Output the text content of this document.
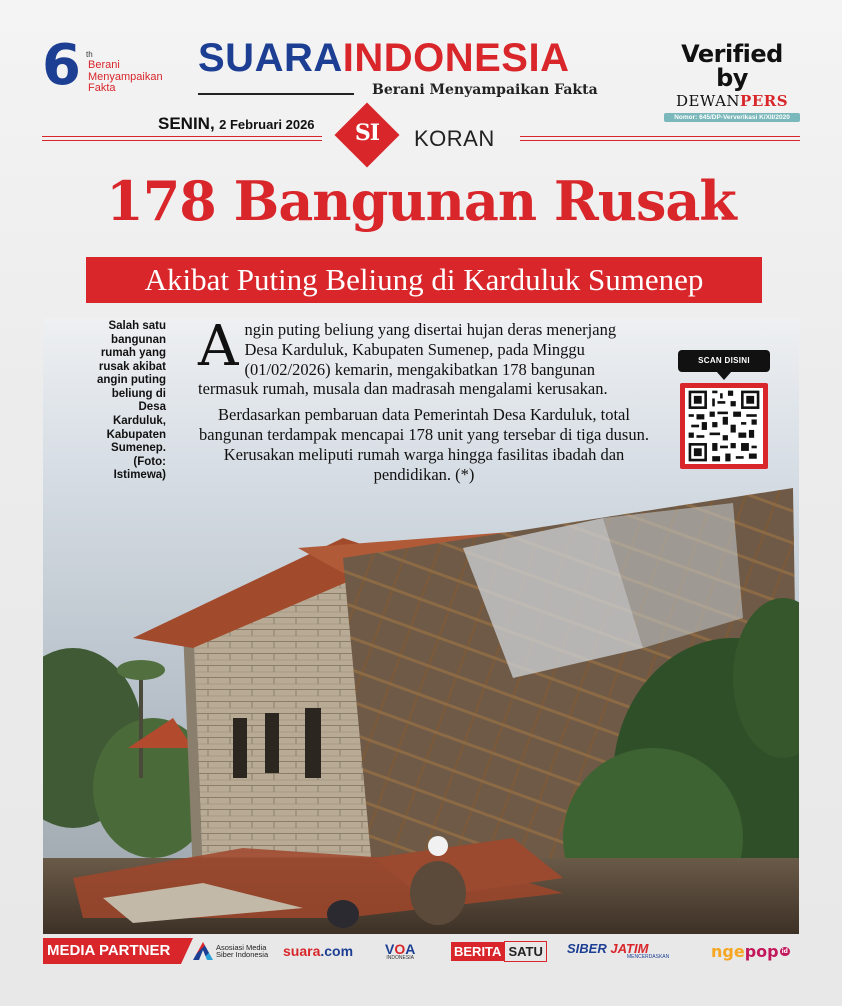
6 th
Berani Menyampaikan Fakta
SUARAINDONESIA
Berani Menyampaikan Fakta
Verified by
DEWANPERS
Nomor: 645/DP-Ververikasi K/XII/2020
SENIN, 2 Februari 2026	SI	KORAN
178 Bangunan Rusak
Akibat Puting Beliung di Karduluk Sumenep
Salah satu bangunan rumah yang rusak akibat angin puting beliung di Desa Karduluk, Kabupaten Sumenep. (Foto: Istimewa)

Angin puting beliung yang disertai hujan deras menerjang Desa Karduluk, Kabupaten Sumenep, pada Minggu (01/02/2026) kemarin, mengakibatkan 178 bangunan termasuk rumah, musala dan madrasah mengalami kerusakan.

Berdasarkan pembaruan data Pemerintah Desa Karduluk, total bangunan terdampak mencapai 178 unit yang tersebar di tiga dusun. Kerusakan meliputi rumah warga hingga fasilitas ibadah dan pendidikan. (*)

SCAN DISINI
MEDIA PARTNER	Asosiasi Media Siber Indonesia suara .com VOA
INDONESIA	BERITA SATU	SIBER JATIM
MENCERDASKAN	nge pop id
